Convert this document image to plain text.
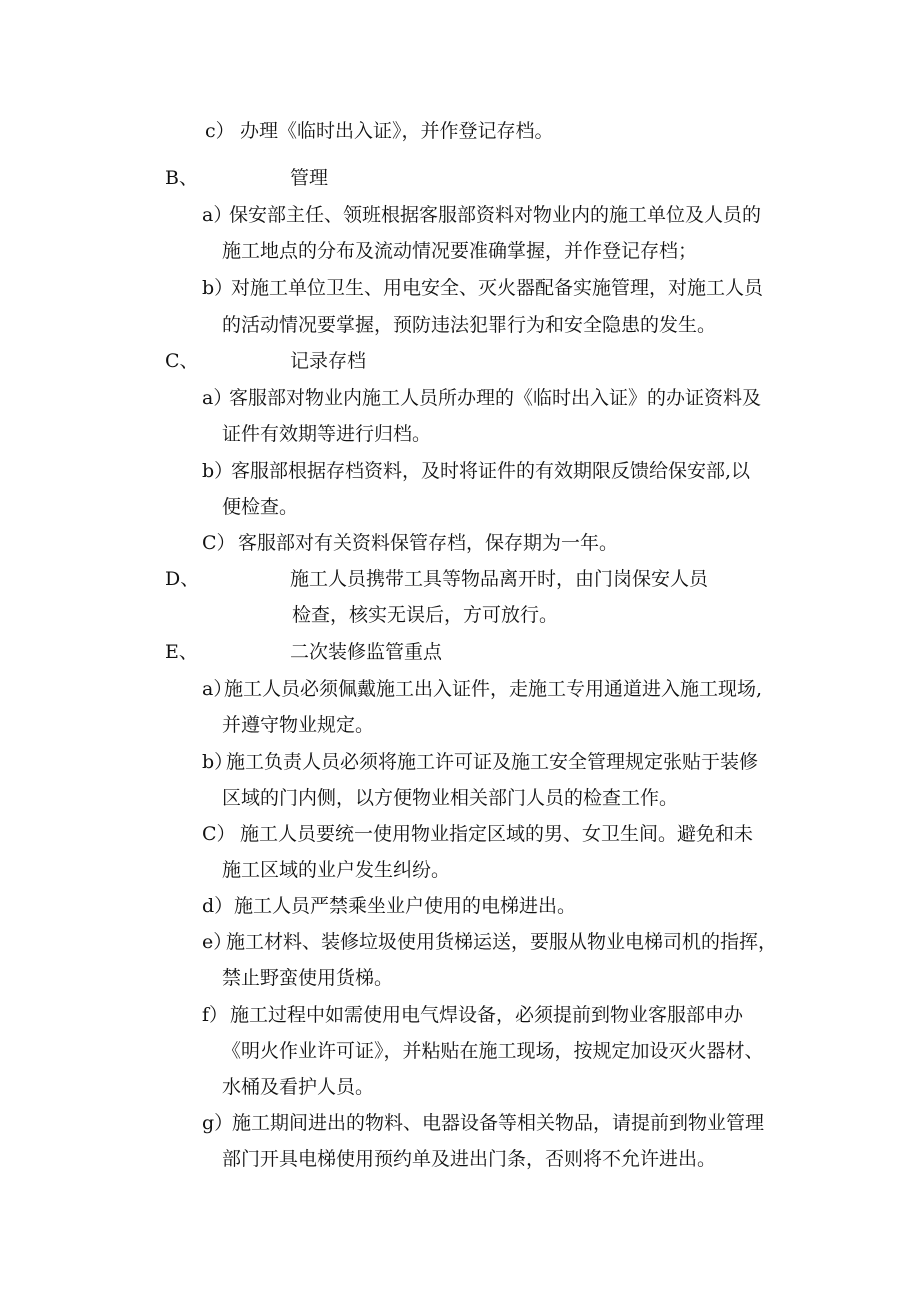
c） 办理《临时出入证》，并作登记存档。
B、	管理
a）
保安部主任、领班根据客服部资料对物业内的施工单位及人员的
施工地点的分布及流动情况要准确掌握，并作登记存档；
b）
对施工单位卫生、用电安全、灭火器配备实施管理，对施工人员
的活动情况要掌握，预防违法犯罪行为和安全隐患的发生。
C、	记录存档
a）
客服部对物业内施工人员所办理的《临时出入证》的办证资料及
证件有效期等进行归档。
b）
客服部根据存档资料，及时将证件的有效期限反馈给保安部,以
便检查。
C） 客服部对有关资料保管存档，保存期为一年。
D、	施工人员携带工具等物品离开时，由门岗保安人员
检查，核实无误后，方可放行。
E、	二次装修监管重点
a）
施工人员必须佩戴施工出入证件，走施工专用通道进入施工现场,
并遵守物业规定。
b）
施工负责人员必须将施工许可证及施工安全管理规定张贴于装修
区域的门内侧，以方便物业相关部门人员的检查工作。
C） 施工人员要统一使用物业指定区域的男、女卫生间。避免和未
施工区域的业户发生纠纷。
d） 施工人员严禁乘坐业户使用的电梯进出。
e）
施工材料、装修垃圾使用货梯运送，要服从物业电梯司机的指挥，
禁止野蛮使用货梯。
f） 施工过程中如需使用电气焊设备，必须提前到物业客服部申办
《明火作业许可证》，并粘贴在施工现场，按规定加设灭火器材、
水桶及看护人员。
g）
施工期间进出的物料、电器设备等相关物品，请提前到物业管理
部门开具电梯使用预约单及进出门条，否则将不允许进出。
